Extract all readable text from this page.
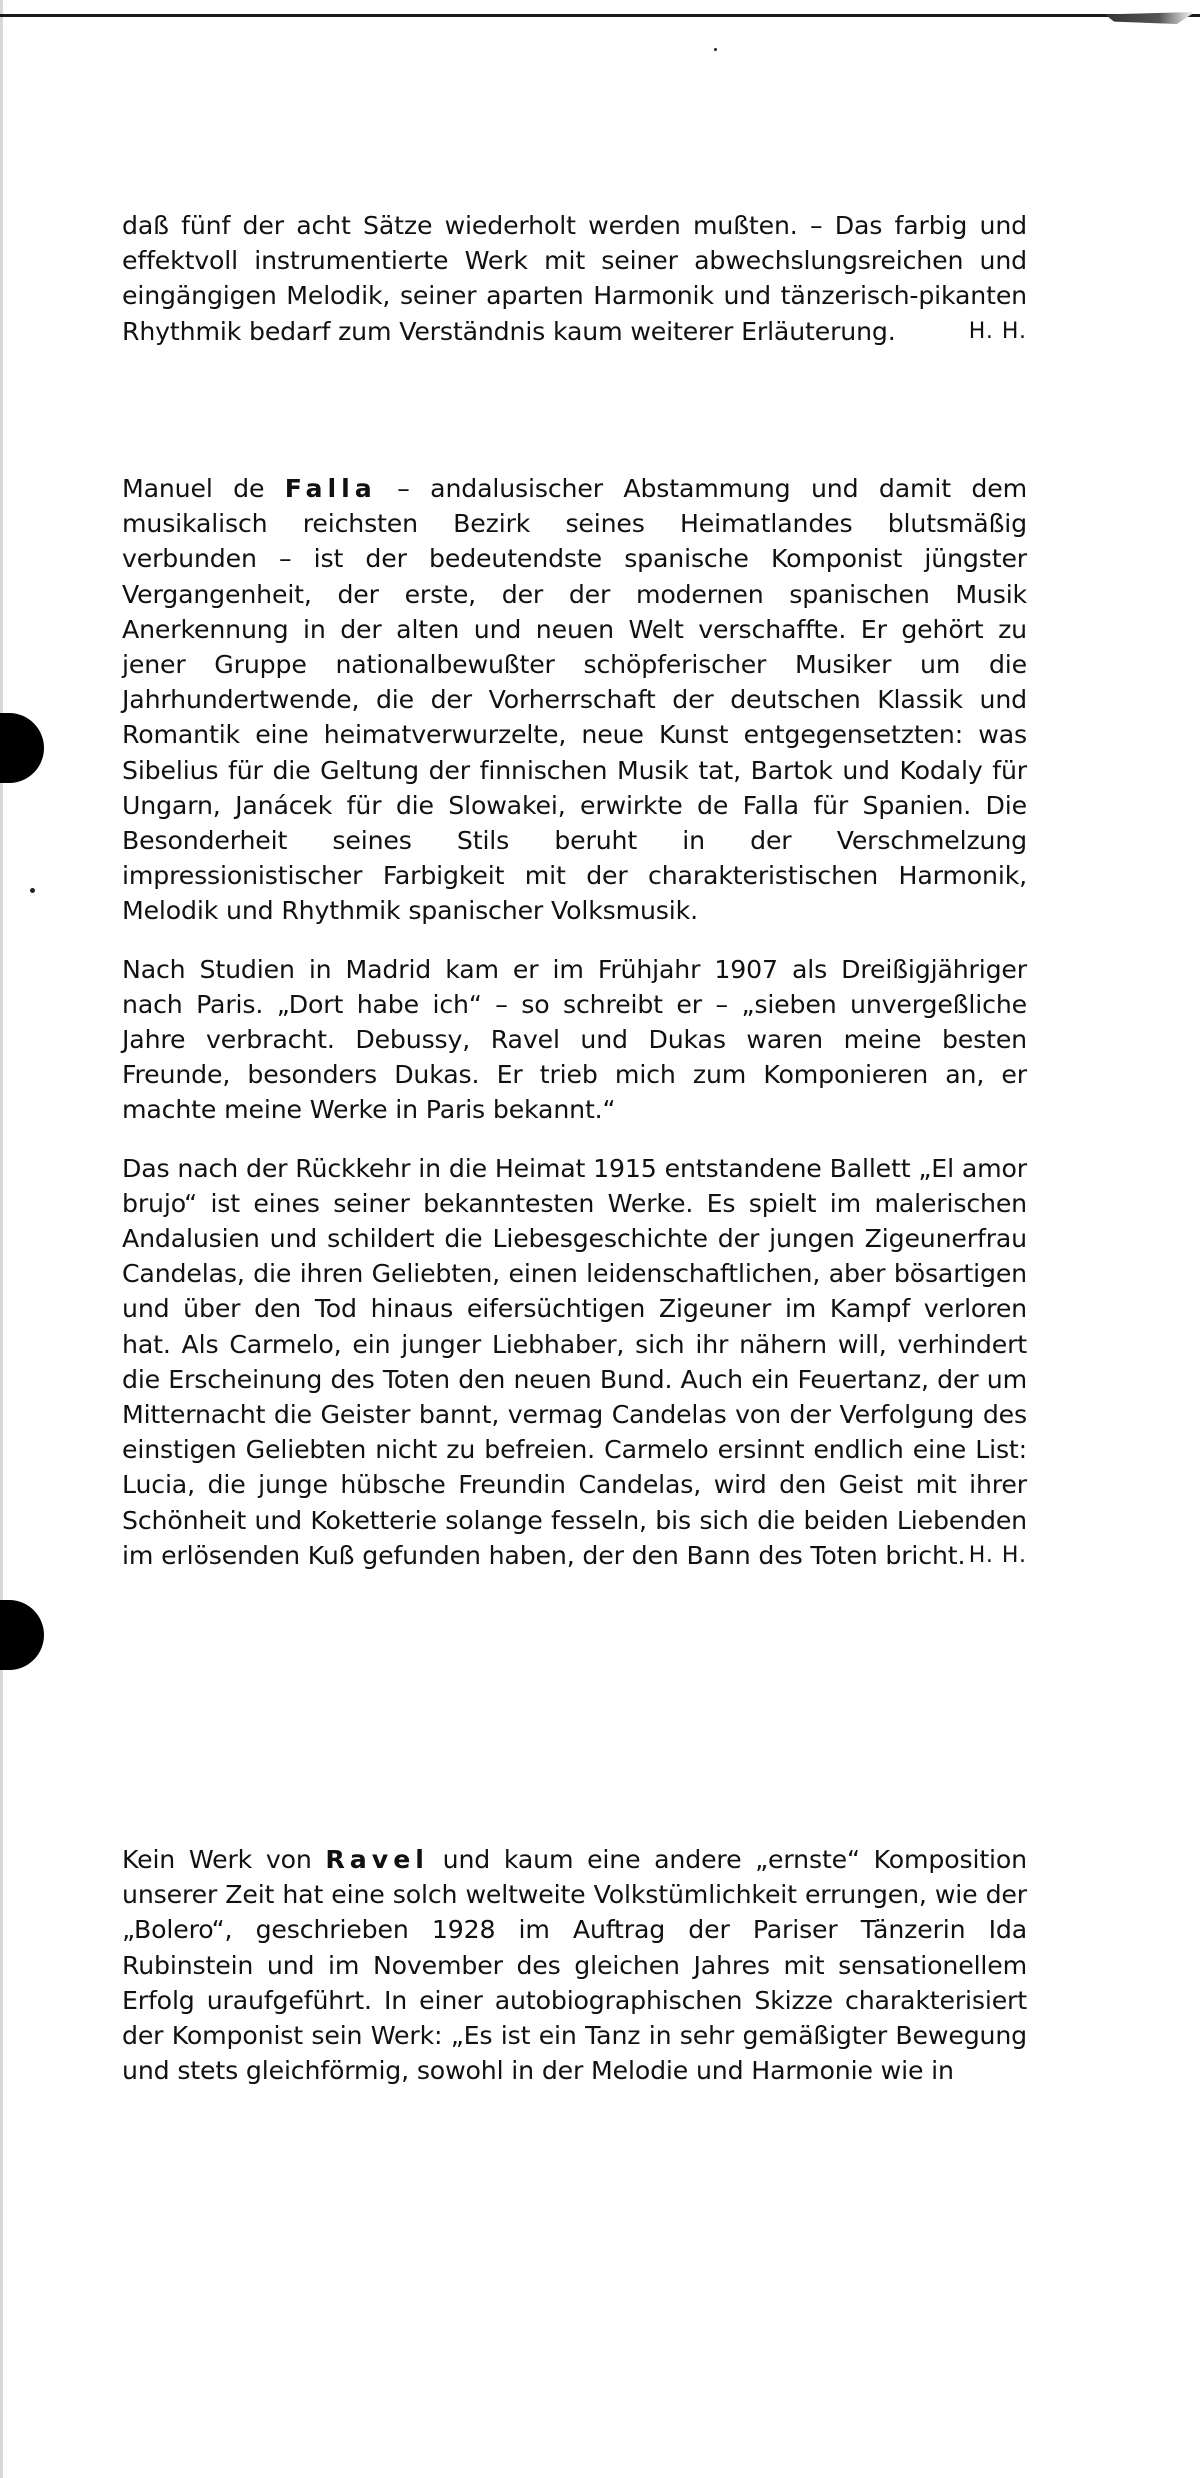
daß fünf der acht Sätze wiederholt werden mußten. – Das farbig und effektvoll instrumentierte Werk mit seiner abwechslungsreichen und eingängigen Melodik, seiner aparten Harmonik und tänzerisch-pikanten Rhythmik bedarf zum Verständnis kaum weiterer Erläuterung.	H. H.

Manuel de Falla – andalusischer Abstammung und damit dem musikalisch reichsten Bezirk seines Heimatlandes blutsmäßig verbunden – ist der bedeutendste spanische Komponist jüngster Vergangenheit, der erste, der der modernen spanischen Musik Anerkennung in der alten und neuen Welt verschaffte. Er gehört zu jener Gruppe nationalbewußter schöpferischer Musiker um die Jahrhundertwende, die der Vorherrschaft der deutschen Klassik und Romantik eine heimatverwurzelte, neue Kunst entgegensetzten: was Sibelius für die Geltung der finnischen Musik tat, Bartok und Kodaly für Ungarn, Janácek für die Slowakei, erwirkte de Falla für Spanien. Die Besonderheit seines Stils beruht in der Verschmelzung impressionistischer Farbigkeit mit der charakteristischen Harmonik, Melodik und Rhythmik spanischer Volksmusik.

Nach Studien in Madrid kam er im Frühjahr 1907 als Dreißigjähriger nach Paris. „Dort habe ich“ – so schreibt er – „sieben unvergeßliche Jahre verbracht. Debussy, Ravel und Dukas waren meine besten Freunde, besonders Dukas. Er trieb mich zum Komponieren an, er machte meine Werke in Paris bekannt.“

Das nach der Rückkehr in die Heimat 1915 entstandene Ballett „El amor brujo“ ist eines seiner bekanntesten Werke. Es spielt im malerischen Andalusien und schildert die Liebesgeschichte der jungen Zigeunerfrau Candelas, die ihren Geliebten, einen leidenschaftlichen, aber bösartigen und über den Tod hinaus eifersüchtigen Zigeuner im Kampf verloren hat. Als Carmelo, ein junger Liebhaber, sich ihr nähern will, verhindert die Erscheinung des Toten den neuen Bund. Auch ein Feuertanz, der um Mitternacht die Geister bannt, vermag Candelas von der Verfolgung des einstigen Geliebten nicht zu befreien. Carmelo ersinnt endlich eine List: Lucia, die junge hübsche Freundin Candelas, wird den Geist mit ihrer Schönheit und Koketterie solange fesseln, bis sich die beiden Liebenden im erlösenden Kuß gefunden haben, der den Bann des Toten bricht. H. H.

Kein Werk von Ravel und kaum eine andere „ernste“ Komposition unserer Zeit hat eine solch weltweite Volkstümlichkeit errungen, wie der „Bolero“, geschrieben 1928 im Auftrag der Pariser Tänzerin Ida Rubinstein und im November des gleichen Jahres mit sensationellem Erfolg uraufgeführt. In einer autobiographischen Skizze charakterisiert der Komponist sein Werk: „Es ist ein Tanz in sehr gemäßigter Bewegung und stets gleichförmig, sowohl in der Melodie und Harmonie wie in
